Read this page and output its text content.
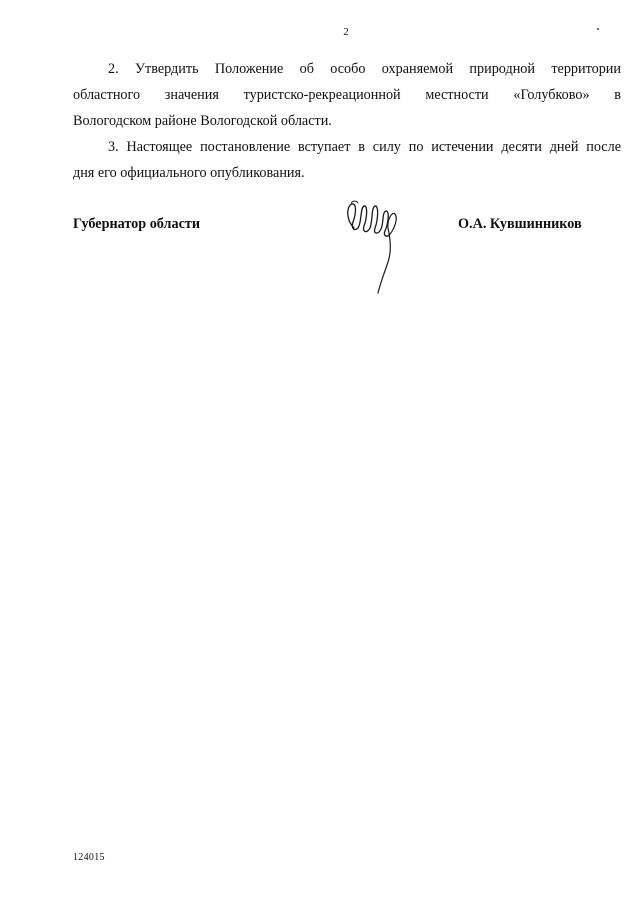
2
2. Утвердить Положение об особо охраняемой природной территории
областного значения туристско-рекреационной местности «Голубково» в
Вологодском районе Вологодской области.
3. Настоящее постановление вступает в силу по истечении десяти дней после
дня его официального опубликования.
Губернатор области	О.А. Кувшинников
124015
